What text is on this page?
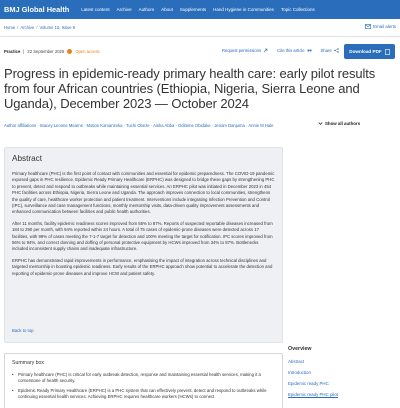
BMJ Global Health	Latest content Archive Authors About Supplements Hand Hygiene in Communities Topic Collections
Home / Archive / Volume 10, Issue 9	Email alerts
Practice | 22 September 2025	Open access	Request permissions	Cite this article	Share	Download PDF
Progress in epidemic-ready primary health care: early pilot results from four African countries (Ethiopia, Nigeria, Sierra Leone and Uganda), December 2023 — October 2024
Author affiliations · Stacey Leonne Mearns · Motion Kamanzeka · Tuchi Obeze · Aisha Abba · Oditeme Obidake · Jenam Danjuma · Annie M Hale	Show all authors
Abstract

Primary healthcare (PHC) is the first point of contact with communities and essential for epidemic preparedness. The COVID-19 pandemic exposed gaps in PHC resilience. Epidemic Ready Primary Healthcare (ERPHC) was designed to bridge these gaps by strengthening PHC to prevent, detect and respond to outbreaks while maintaining essential services. An ERPHC pilot was initiated in December 2023 in 454 PHC facilities across Ethiopia, Nigeria, Sierra Leone and Uganda. The approach improves connection to local communities, strengthens the quality of care, healthcare worker protection and patient treatment. Interventions include integrating Infection Prevention and Control (IPC), surveillance and case management functions, monthly mentorship visits, data-driven quality improvement assessments and enhanced communication between facilities and public health authorities.

After 11 months, facility epidemic readiness scores improved from 55% to 87%. Reports of suspected reportable diseases increased from 184 to 290 per month, with 94% reported within 24 hours. A total of 75 cases of epidemic-prone diseases were detected across 17 facilities, with 99% of cases meeting the 7-1-7 target for detection and 100% meeting the target for notification. IPC scores improved from 56% to 94%, and correct donning and doffing of personal protective equipment by HCWs improved from 34% to 87%. Bottlenecks included inconsistent supply chains and inadequate infrastructure.

ERPHC has demonstrated rapid improvements in performance, emphasising the impact of integration across technical disciplines and targeted mentorship in boosting epidemic readiness. Early results of the ERPHC approach show potential to accelerate the detection and reporting of epidemic-prone diseases and improve HCW and patient safety.

Back to top
Summary box
• Primary healthcare (PHC) is critical for early outbreak detection, response and maintaining essential health services, making it a cornerstone of health security.
• Epidemic Ready Primary Healthcare (ERPHC) is a PHC system that can effectively prevent, detect and respond to outbreaks while continuing essential health services. Achieving ERPHC requires healthcare workers (HCWs) to connect
Overview
Abstract
Introduction
Epidemic ready PHC
Epidemic ready PHC pilot
